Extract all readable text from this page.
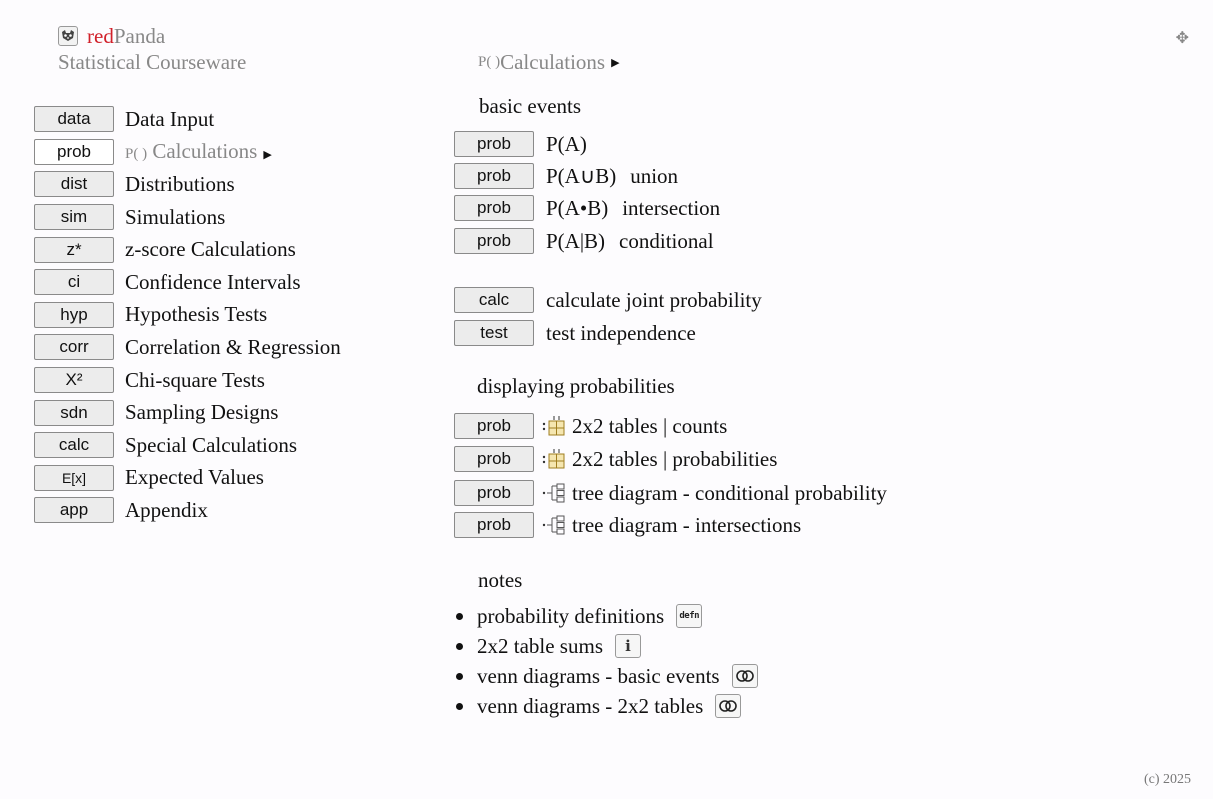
redPanda
Statistical Courseware
✥
data	Data Input
prob	P( ) Calculations ▶
dist	Distributions
sim	Simulations
z*	z-score Calculations
ci	Confidence Intervals
hyp	Hypothesis Tests
corr	Correlation & Regression
X²	Chi-square Tests
sdn	Sampling Designs
calc	Special Calculations
E[x] Expected Values
app	Appendix
P( ) Calculations ▶
basic events
prob	P(A)
prob	P(A∪B) union
prob	P(A•B) intersection
prob	P(A|B) conditional
calc	calculate joint probability
test	test independence
displaying probabilities
prob	2x2 tables | counts
prob	2x2 tables | probabilities
prob	tree diagram - conditional probability
prob	tree diagram - intersections
notes
probability definitions defn
2x2 table sums i
venn diagrams - basic events
venn diagrams - 2x2 tables
(c) 2025
